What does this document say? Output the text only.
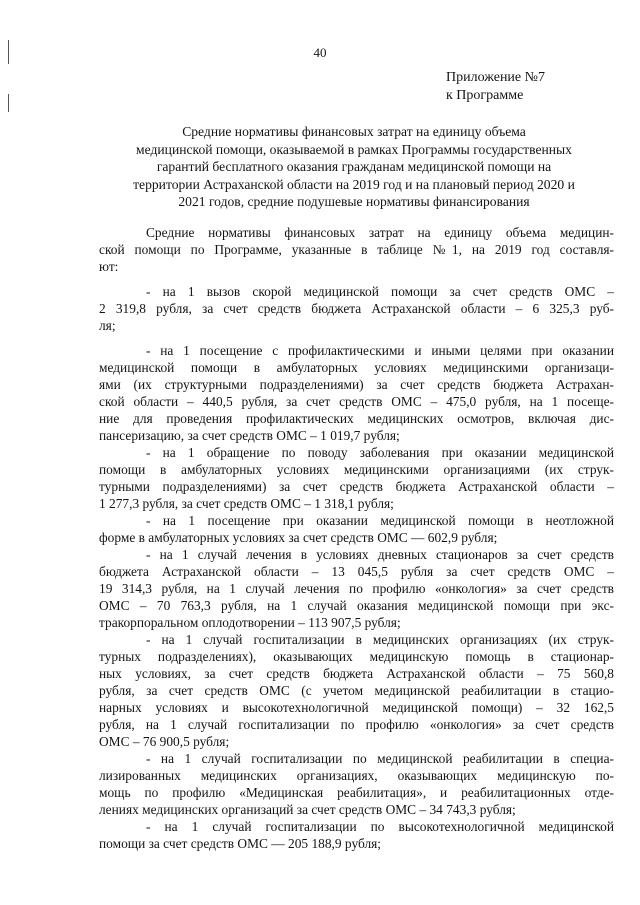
40
Приложение №7
к Программе
Средние нормативы финансовых затрат на единицу объема
медицинской помощи, оказываемой в рамках Программы государственных
гарантий бесплатного оказания гражданам медицинской помощи на
территории Астраханской области на 2019 год и на плановый период 2020 и
2021 годов, средние подушевые нормативы финансирования
Средние нормативы финансовых затрат на единицу объема медицин-
ской помощи по Программе, указанные в таблице №1, на 2019 год составля-
ют:
- на 1 вызов скорой медицинской помощи за счет средств ОМС –
2 319,8 рубля, за счет средств бюджета Астраханской области – 6 325,3 руб-
ля;
- на 1 посещение с профилактическими и иными целями при оказании
медицинской помощи в амбулаторных условиях медицинскими организаци-
ями (их структурными подразделениями) за счет средств бюджета Астрахан-
ской области – 440,5 рубля, за счет средств ОМС – 475,0 рубля, на 1 посеще-
ние для проведения профилактических медицинских осмотров, включая дис-
пансеризацию, за счет средств ОМС – 1 019,7 рубля;
- на 1 обращение по поводу заболевания при оказании медицинской
помощи в амбулаторных условиях медицинскими организациями (их струк-
турными подразделениями) за счет средств бюджета Астраханской области –
1 277,3 рубля, за счет средств ОМС – 1 318,1 рубля;
- на 1 посещение при оказании медицинской помощи в неотложной
форме в амбулаторных условиях за счет средств ОМС — 602,9 рубля;
- на 1 случай лечения в условиях дневных стационаров за счет средств
бюджета Астраханской области – 13 045,5 рубля за счет средств ОМС –
19 314,3 рубля, на 1 случай лечения по профилю «онкология» за счет средств
ОМС – 70 763,3 рубля, на 1 случай оказания медицинской помощи при экс-
тракорпоральном оплодотворении – 113 907,5 рубля;
- на 1 случай госпитализации в медицинских организациях (их струк-
турных подразделениях), оказывающих медицинскую помощь в стационар-
ных условиях, за счет средств бюджета Астраханской области – 75 560,8
рубля, за счет средств ОМС (с учетом медицинской реабилитации в стацио-
нарных условиях и высокотехнологичной медицинской помощи) – 32 162,5
рубля, на 1 случай госпитализации по профилю «онкология» за счет средств
ОМС – 76 900,5 рубля;
- на 1 случай госпитализации по медицинской реабилитации в специа-
лизированных медицинских организациях, оказывающих медицинскую по-
мощь по профилю «Медицинская реабилитация», и реабилитационных отде-
лениях медицинских организаций за счет средств ОМС – 34 743,3 рубля;
- на 1 случай госпитализации по высокотехнологичной медицинской
помощи за счет средств ОМС — 205 188,9 рубля;
